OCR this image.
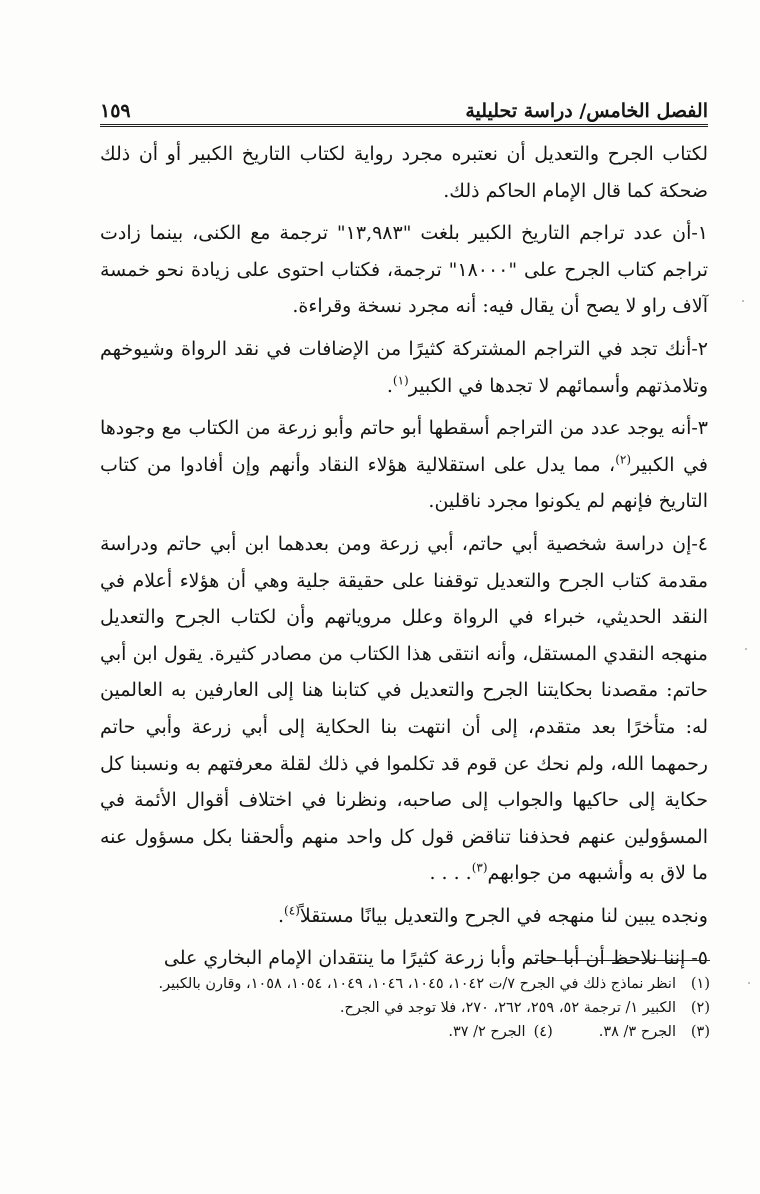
الفصل الخامس/ دراسة تحليلية
١٥٩

لكتاب الجرح والتعديل أن نعتبره مجرد رواية لكتاب التاريخ الكبير أو أن ذلك ضحكة كما قال الإمام الحاكم ذلك.

١-أن عدد تراجم التاريخ الكبير بلغت "١٣,٩٨٣" ترجمة مع الكنى، بينما زادت تراجم كتاب الجرح على "١٨٠٠٠" ترجمة، فكتاب احتوى على زيادة نحو خمسة آلاف راو لا يصح أن يقال فيه: أنه مجرد نسخة وقراءة.

٢-أنك تجد في التراجم المشتركة كثيرًا من الإضافات في نقد الرواة وشيوخهم وتلامذتهم وأسمائهم لا تجدها في الكبير$^{(١)}$.

٣-أنه يوجد عدد من التراجم أسقطها أبو حاتم وأبو زرعة من الكتاب مع وجودها في الكبير$^{(٢)}$، مما يدل على استقلالية هؤلاء النقاد وأنهم وإن أفادوا من كتاب التاريخ فإنهم لم يكونوا مجرد ناقلين.

٤-إن دراسة شخصية أبي حاتم، أبي زرعة ومن بعدهما ابن أبي حاتم ودراسة مقدمة كتاب الجرح والتعديل توقفنا على حقيقة جلية وهي أن هؤلاء أعلام في النقد الحديثي، خبراء في الرواة وعلل مروياتهم وأن لكتاب الجرح والتعديل منهجه النقدي المستقل، وأنه انتقى هذا الكتاب من مصادر كثيرة. يقول ابن أبي حاتم: مقصدنا بحكايتنا الجرح والتعديل في كتابنا هنا إلى العارفين به العالمين له: متأخرًا بعد متقدم، إلى أن انتهت بنا الحكاية إلى أبي زرعة وأبي حاتم رحمهما الله، ولم نحك عن قوم قد تكلموا في ذلك لقلة معرفتهم به ونسبنا كل حكاية إلى حاكيها والجواب إلى صاحبه، ونظرنا في اختلاف أقوال الأئمة في المسؤولين عنهم فحذفنا تناقض قول كل واحد منهم وألحقنا بكل مسؤول عنه ما لاق به وأشبهه من جوابهم$^{(٣)}$. . . .

ونجده يبين لنا منهجه في الجرح والتعديل بيانًا مستقلاً$^{(٤)}$.

٥- إننا نلاحظ أن أبا حاتم وأبا زرعة كثيرًا ما ينتقدان الإمام البخاري على

(١)
انظر نماذج ذلك في الجرح ٧/ت ١٠٤٢، ١٠٤٥، ١٠٤٦، ١٠٤٩، ١٠٥٤، ١٠٥٨، وقارن بالكبير.
(٢)
الكبير ١/ ترجمة ٥٢، ٢٥٩، ٢٦٢، ٢٧٠، فلا توجد في الجرح.
(٣)
الجرح ٣/ ٣٨.
(٤)
الجرح ٢/ ٣٧.
